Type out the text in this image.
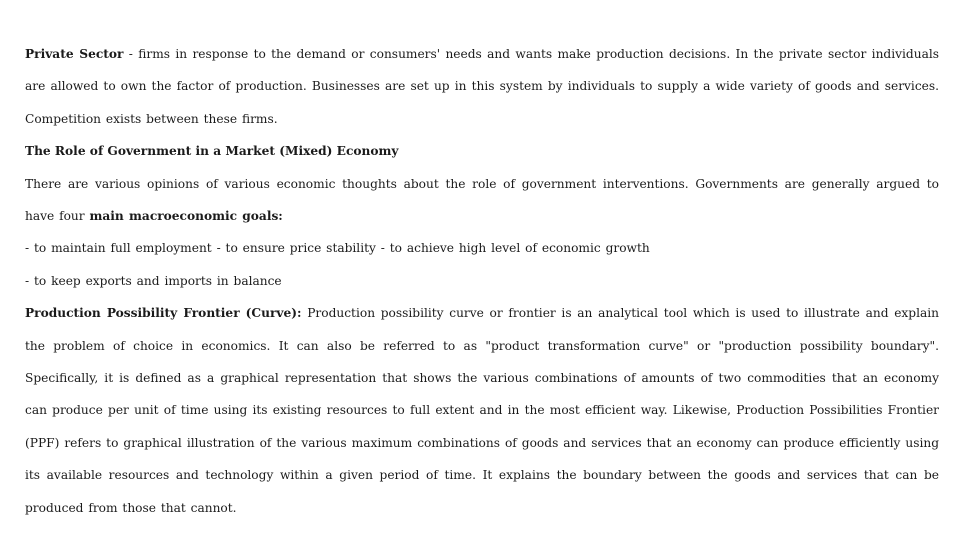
Private Sector - firms in response to the demand or consumers' needs and wants make production decisions. In the private sector individuals are allowed to own the factor of production. Businesses are set up in this system by individuals to supply a wide variety of goods and services. Competition exists between these firms.

The Role of Government in a Market (Mixed) Economy

There are various opinions of various economic thoughts about the role of government interventions. Governments are generally argued to have four main macroeconomic goals:

- to maintain full employment - to ensure price stability - to achieve high level of economic growth

- to keep exports and imports in balance

Production Possibility Frontier (Curve): Production possibility curve or frontier is an analytical tool which is used to illustrate and explain the problem of choice in economics. It can also be referred to as "product transformation curve" or "production possibility boundary". Specifically, it is defined as a graphical representation that shows the various combinations of amounts of two commodities that an economy can produce per unit of time using its existing resources to full extent and in the most efficient way. Likewise, Production Possibilities Frontier (PPF) refers to graphical illustration of the various maximum combinations of goods and services that an economy can produce efficiently using its available resources and technology within a given period of time. It explains the boundary between the goods and services that can be produced from those that cannot.
